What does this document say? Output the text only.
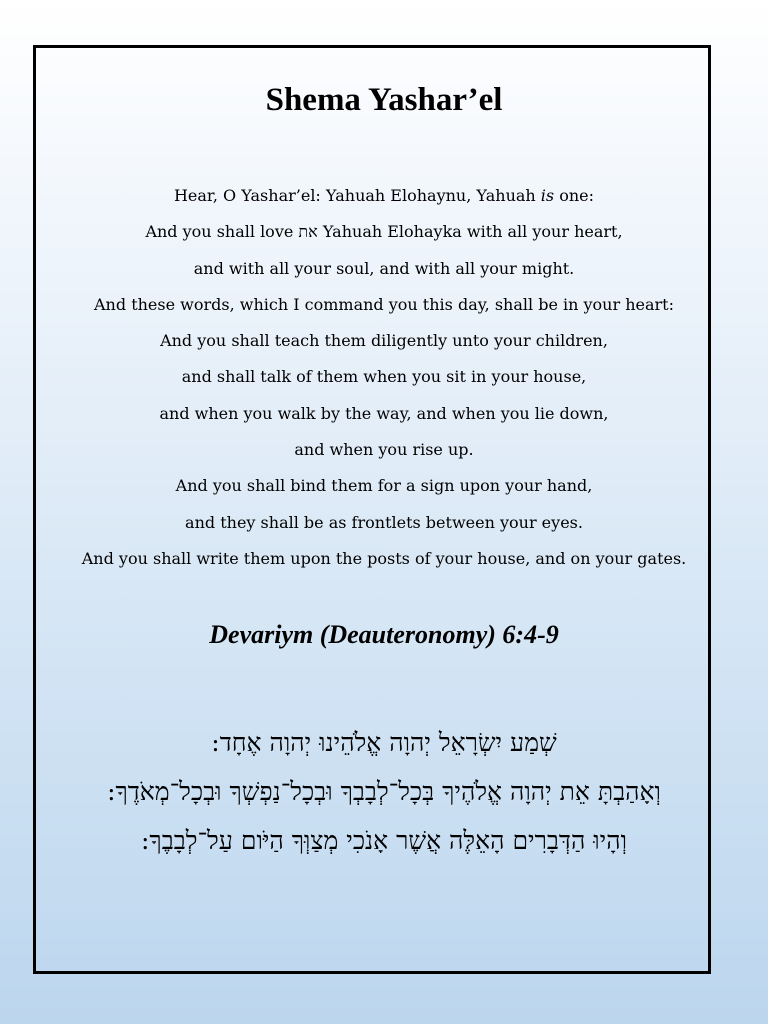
Shema Yashar’el
Hear, O Yashar’el: Yahuah Elohaynu, Yahuah is one:
And you shall love את Yahuah Elohayka with all your heart,
and with all your soul, and with all your might.
And these words, which I command you this day, shall be in your heart:
And you shall teach them diligently unto your children,
and shall talk of them when you sit in your house,
and when you walk by the way, and when you lie down,
and when you rise up.
And you shall bind them for a sign upon your hand,
and they shall be as frontlets between your eyes.
And you shall write them upon the posts of your house, and on your gates.
Devariym (Deauteronomy) 6:4-9
שְׁמַע יִשְׂרָאֵל יְהוָה אֱלֹהֵינוּ יְהוָה אֶחָד:
וְאָהַבְתָּ אֵת יְהוָה אֱלֹהֶיךָ בְּכָל־לְבָבְךָ וּבְכָל־נַפְשְׁךָ וּבְכָל־מְאֹדֶךָ:
וְהָיוּ הַדְּבָרִים הָאֵלֶּה אֲשֶׁר אָנֹכִי מְצַוְּךָ הַיֹּום עַל־לְבָבֶךָ:
